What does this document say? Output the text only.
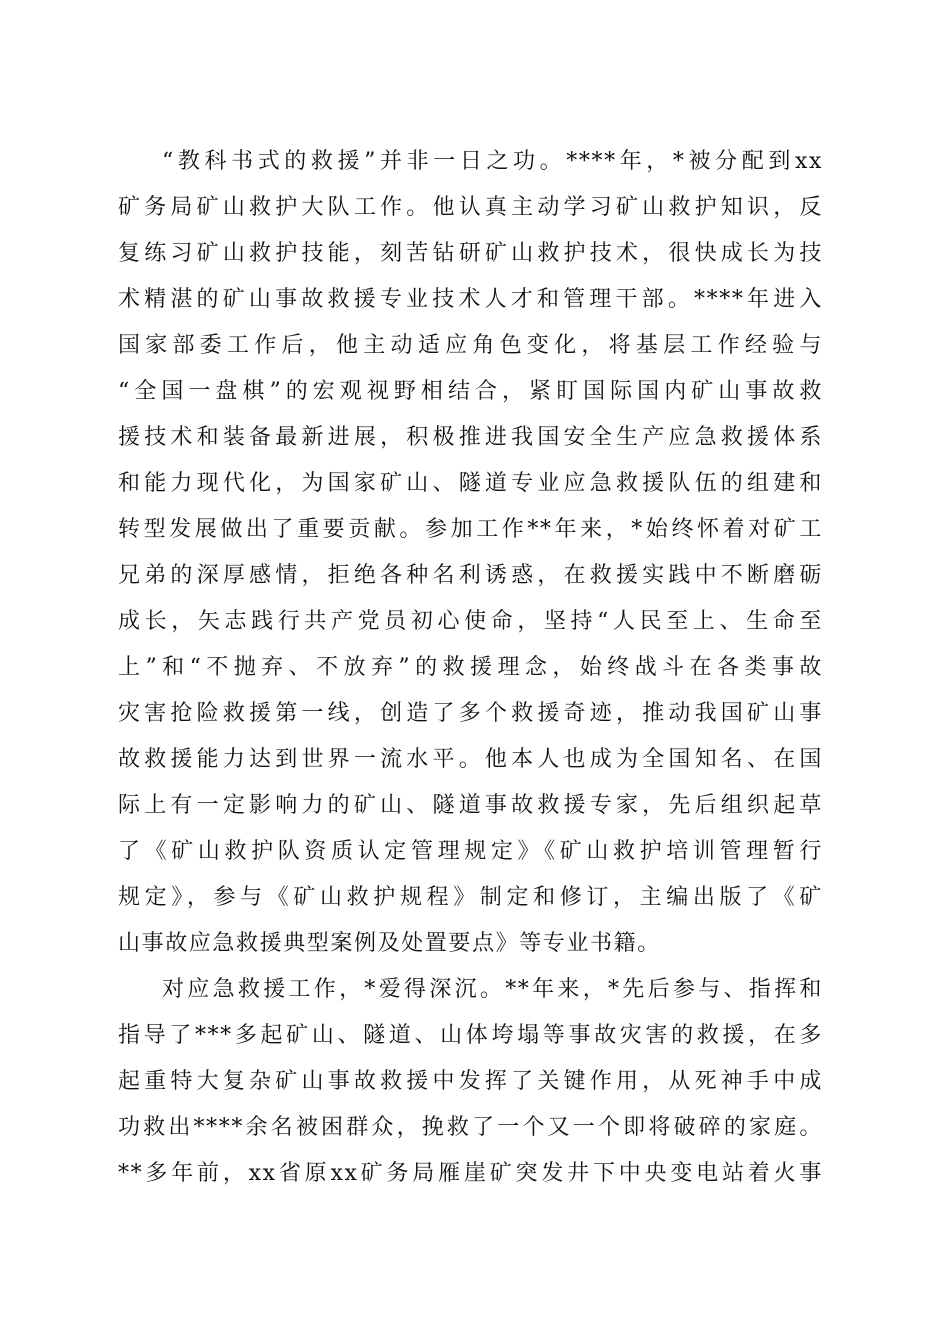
“教科书式的救援”并非一日之功。****年，*被分配到xx
矿务局矿山救护大队工作。他认真主动学习矿山救护知识，反
复练习矿山救护技能，刻苦钻研矿山救护技术，很快成长为技
术精湛的矿山事故救援专业技术人才和管理干部。****年进入
国家部委工作后，他主动适应角色变化，将基层工作经验与
“全国一盘棋”的宏观视野相结合，紧盯国际国内矿山事故救
援技术和装备最新进展，积极推进我国安全生产应急救援体系
和能力现代化，为国家矿山、隧道专业应急救援队伍的组建和
转型发展做出了重要贡献。参加工作**年来，*始终怀着对矿工
兄弟的深厚感情，拒绝各种名利诱惑，在救援实践中不断磨砺
成长，矢志践行共产党员初心使命，坚持“人民至上、生命至
上”和“不抛弃、不放弃”的救援理念，始终战斗在各类事故
灾害抢险救援第一线，创造了多个救援奇迹，推动我国矿山事
故救援能力达到世界一流水平。他本人也成为全国知名、在国
际上有一定影响力的矿山、隧道事故救援专家，先后组织起草
了《矿山救护队资质认定管理规定》《矿山救护培训管理暂行
规定》，参与《矿山救护规程》制定和修订，主编出版了《矿
山事故应急救援典型案例及处置要点》等专业书籍。
对应急救援工作，*爱得深沉。**年来，*先后参与、指挥和
指导了***多起矿山、隧道、山体垮塌等事故灾害的救援，在多
起重特大复杂矿山事故救援中发挥了关键作用，从死神手中成
功救出****余名被困群众，挽救了一个又一个即将破碎的家庭。
**多年前，xx省原xx矿务局雁崖矿突发井下中央变电站着火事
